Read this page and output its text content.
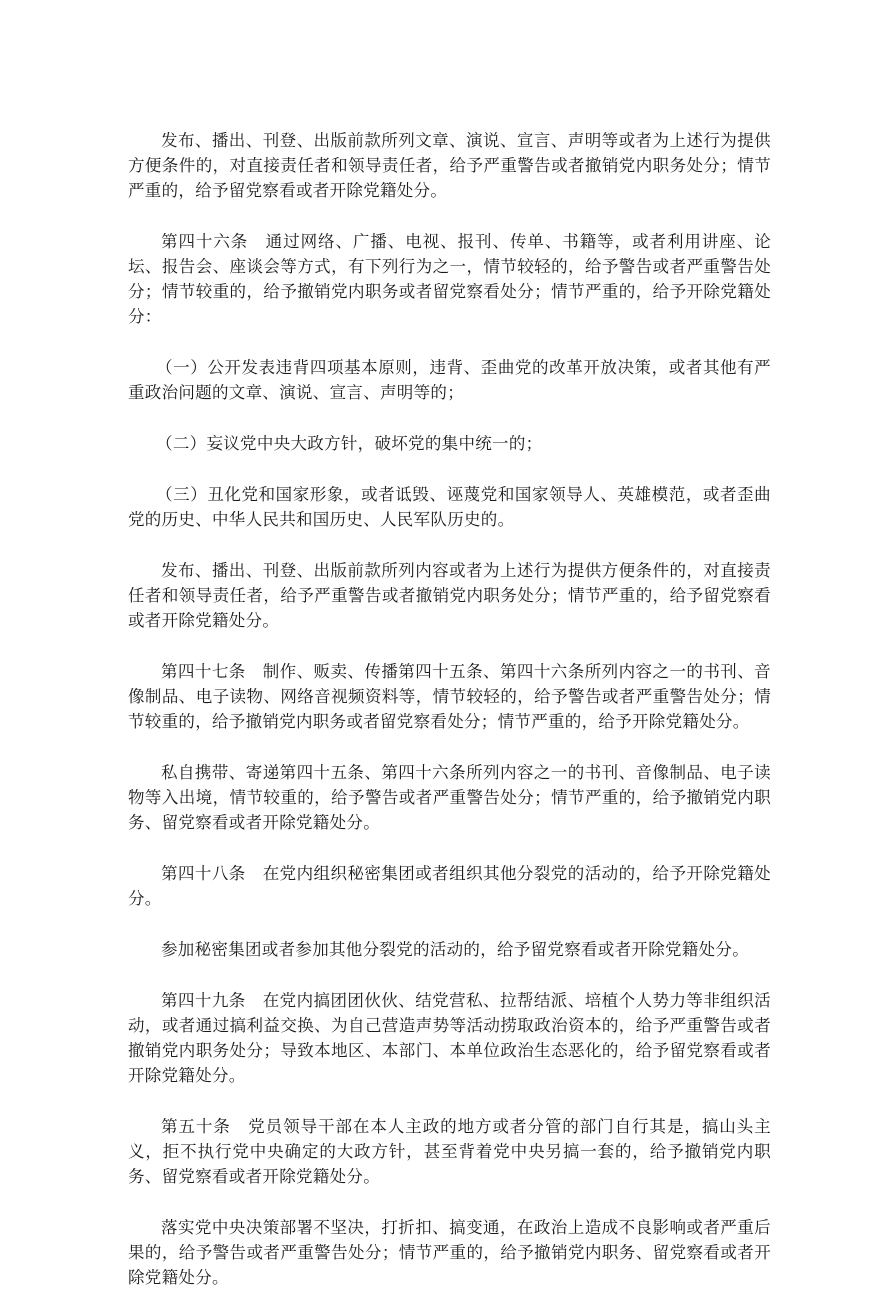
发布、播出、刊登、出版前款所列文章、演说、宣言、声明等或者为上述行为提供方便条件的，对直接责任者和领导责任者，给予严重警告或者撤销党内职务处分；情节严重的，给予留党察看或者开除党籍处分。

第四十六条　通过网络、广播、电视、报刊、传单、书籍等，或者利用讲座、论坛、报告会、座谈会等方式，有下列行为之一，情节较轻的，给予警告或者严重警告处分；情节较重的，给予撤销党内职务或者留党察看处分；情节严重的，给予开除党籍处分：

（一）公开发表违背四项基本原则，违背、歪曲党的改革开放决策，或者其他有严重政治问题的文章、演说、宣言、声明等的；

（二）妄议党中央大政方针，破坏党的集中统一的；

（三）丑化党和国家形象，或者诋毁、诬蔑党和国家领导人、英雄模范，或者歪曲党的历史、中华人民共和国历史、人民军队历史的。

发布、播出、刊登、出版前款所列内容或者为上述行为提供方便条件的，对直接责任者和领导责任者，给予严重警告或者撤销党内职务处分；情节严重的，给予留党察看或者开除党籍处分。

第四十七条　制作、贩卖、传播第四十五条、第四十六条所列内容之一的书刊、音像制品、电子读物、网络音视频资料等，情节较轻的，给予警告或者严重警告处分；情节较重的，给予撤销党内职务或者留党察看处分；情节严重的，给予开除党籍处分。

私自携带、寄递第四十五条、第四十六条所列内容之一的书刊、音像制品、电子读物等入出境，情节较重的，给予警告或者严重警告处分；情节严重的，给予撤销党内职务、留党察看或者开除党籍处分。

第四十八条　在党内组织秘密集团或者组织其他分裂党的活动的，给予开除党籍处分。

参加秘密集团或者参加其他分裂党的活动的，给予留党察看或者开除党籍处分。

第四十九条　在党内搞团团伙伙、结党营私、拉帮结派、培植个人势力等非组织活动，或者通过搞利益交换、为自己营造声势等活动捞取政治资本的，给予严重警告或者撤销党内职务处分；导致本地区、本部门、本单位政治生态恶化的，给予留党察看或者开除党籍处分。

第五十条　党员领导干部在本人主政的地方或者分管的部门自行其是，搞山头主义，拒不执行党中央确定的大政方针，甚至背着党中央另搞一套的，给予撤销党内职务、留党察看或者开除党籍处分。

落实党中央决策部署不坚决，打折扣、搞变通，在政治上造成不良影响或者严重后果的，给予警告或者严重警告处分；情节严重的，给予撤销党内职务、留党察看或者开除党籍处分。
